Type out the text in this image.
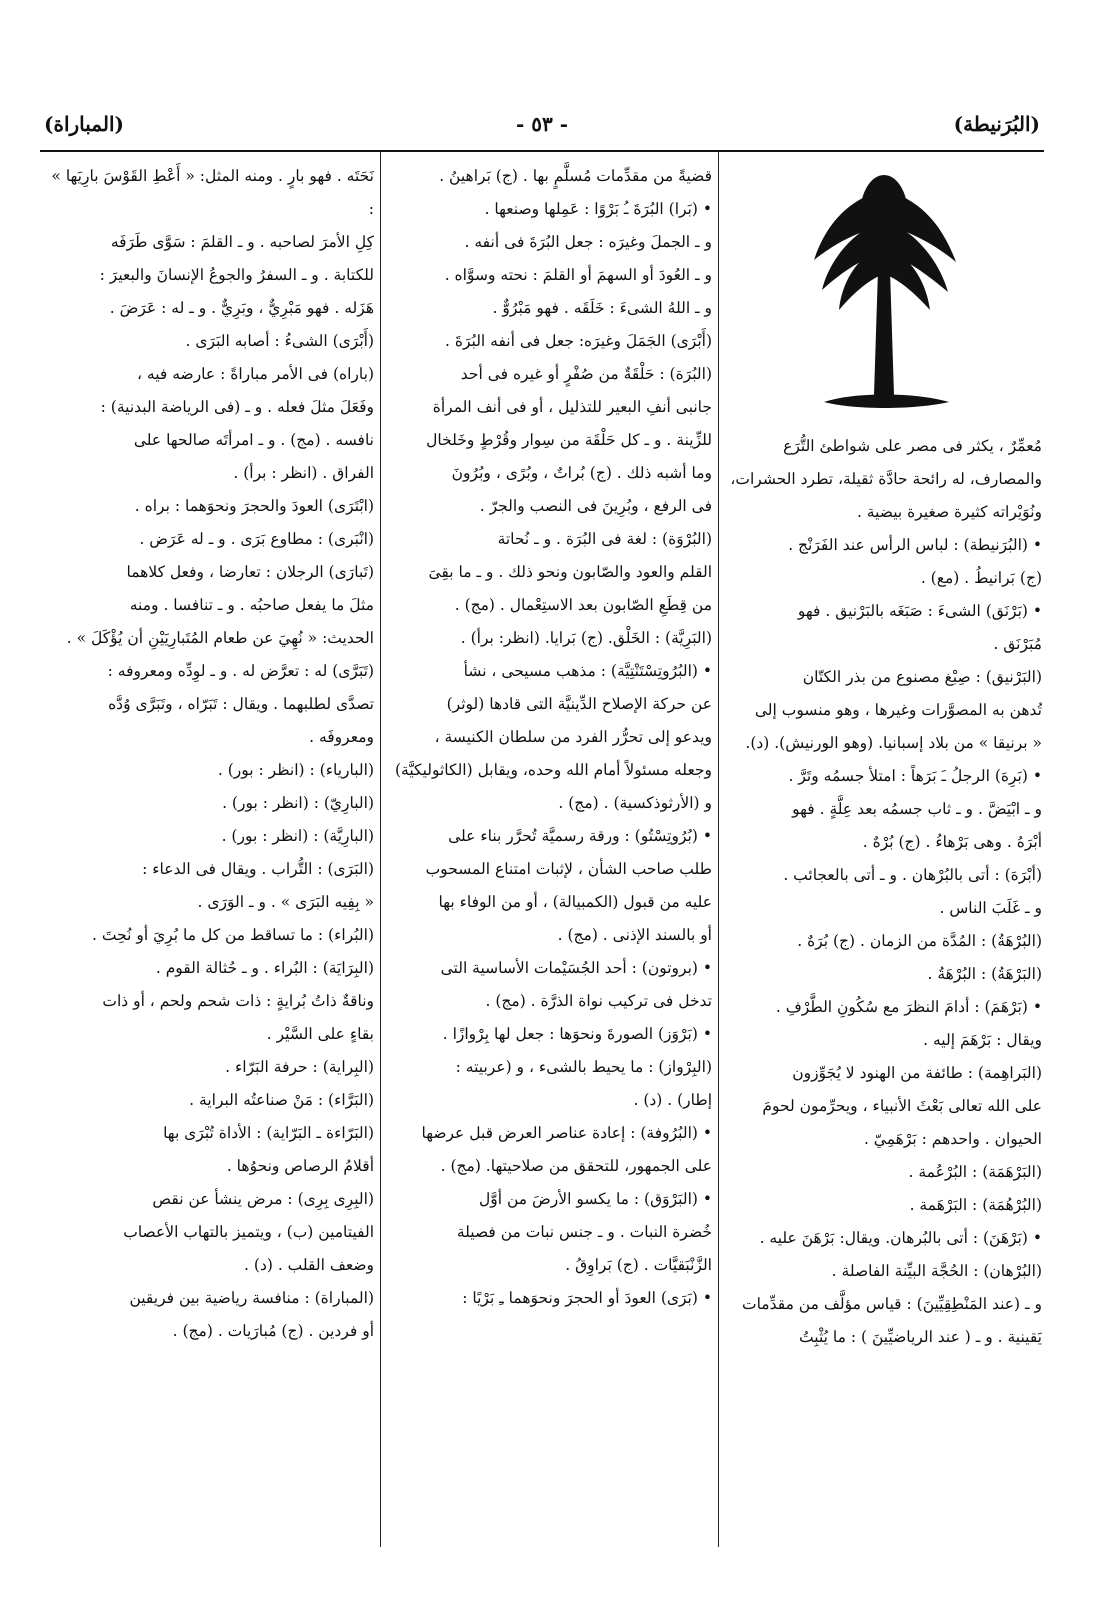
(البُرَنيطة)
- ٥٣ -
(المباراة)

مُعمِّرٌ ، يكثر فى مصر على شواطئ التُّرَع

والمصارف، له رائحة حادَّة ثقيلة، تطرد الحشرات،

ونُوَيْراته كثيرة صغيرة بيضية .

• (البُرَنيطة) : لباس الرأس عند الفَرَنْج .

(ج) بَرانيطُ . (مع) .

• (بَرْنَق) الشىءَ : صَبَغَه بالبَرْنيق . فهو

مُبَرْنَق .

(البَرْنيق) : صِبْغ مصنوع من بذر الكتّان

تُدهن به المصوَّرات وغيرها ، وهو منسوب إلى

« برنيقا » من بلاد إسبانيا. (وهو الورنيش). (د).

• (بَرِهَ) الرجلُ ـَ بَرَهاً : امتلأ جسمُه وتَرَّ .

و ـ ابْيَضَّ . و ـ ثاب جسمُه بعد عِلَّةٍ . فهو

أبْرَهُ . وهى بَرْهاءُ . (ج) بُرْهٌ .

(أبْرَهَ) : أتى بالبُرْهان . و ـ أتى بالعجائب .

و ـ غَلَبَ الناس .

(البُرْهَةُ) : المُدَّة من الزمان . (ج) بُرَهٌ .

(البَرْهَةُ) : البُرْهَةُ .

• (بَرْهَمَ) : أدامَ النظرَ مع سُكُونِ الطَّرْفِ .

ويقال : بَرْهَمَ إليه .

(البَراهِمة) : طائفة من الهنود لا يُجَوِّزون

على الله تعالى بَعْثَ الأنبياء ، ويحرِّمون لحومَ

الحيوان . واحدهم : بَرْهَمِيّ .

(البَرْهَمَة) : البُرْعُمة .

(البُرْهُمَة) : البَرْهَمة .

• (بَرْهَنَ) : أتى بالبُرهان. ويقال: بَرْهَنَ عليه .

(البُرْهان) : الحُجَّة البيِّنة الفاصلة .

و ـ (عند المَنْطِقِيِّينَ) : قياس مؤلَّف من مقدِّمات

يَقينية . و ـ ( عند الرياضيِّينَ ) : ما يُثْبِتُ

قضيةً من مقدِّمات مُسلَّمٍ بها . (ج) بَراهينُ .

• (بَرا) البُرَةَ ـُ بَرْوًا : عَمِلها وصنعها .

و ـ الجملَ وغيرَه : جعل البُرَةَ فى أنفه .

و ـ العُودَ أو السهمَ أو القلمَ : نحته وسوَّاه .

و ـ اللهُ الشىءَ : خَلَقَه . فهو مَبْرُوٌّ .

(أَبْرَى) الجَمَلَ وغيرَه: جعل فى أنفه البُرَةَ .

(البُرَة) : حَلْقَةٌ من صُفْرٍ أو غيره فى أحد

جانبى أنفِ البعير للتذليل ، أو فى أنف المرأة

للزِّينة . و ـ كل حَلْقَة من سِوار وقُرْطٍ وخَلخال

وما أشبه ذلك . (ج) بُراتٌ ، وبُرًى ، وبُرُونَ

فى الرفع ، وبُرِينَ فى النصب والجرّ .

(البُرْوَة) : لغة فى البُرَة . و ـ نُحاتة

القلم والعود والصّابون ونحو ذلك . و ـ ما بقِىَ

من قِطَعِ الصّابون بعد الاستِعْمال . (مج) .

(البَرِيَّة) : الخَلْق. (ج) بَرايا. (انظر: برأ) .

• (البُرُوتِسْتَنْتِيَّة) : مذهب مسيحى ، نشأ

عن حركة الإصلاح الدِّينيَّة التى قادها (لوثر)

ويدعو إلى تحرُّر الفرد من سلطان الكنيسة ،

وجعله مسئولاً أمام الله وحده، ويقابل (الكاثوليكيَّة)

و (الأرثوذكسية) . (مج) .

• (بُرُوتِسْتُو) : ورقة رسميَّة تُحرَّر بناء على

طلب صاحب الشأن ، لإثبات امتناع المسحوب

عليه من قبول (الكمبيالة) ، أو من الوفاء بها

أو بالسند الإذنى . (مج) .

• (بروتون) : أحد الجُسَيْمات الأساسية التى

تدخل فى تركيب نواة الذرَّة . (مج) .

• (بَرْوَز) الصورةَ ونحوَها : جعل لها بِرْوازًا .

(البِرْواز) : ما يحيط بالشىء ، و (عربيته :

إطار) . (د) .

• (البُرُوفة) : إعادة عناصر العرض قبل عرضها

على الجمهور، للتحقق من صلاحيتها. (مج) .

• (البَرْوَق) : ما يكسو الأرضَ من أوَّل

خُضرة النبات . و ـ جنس نبات من فصيلة

الزَّنْبَقيَّات . (ج) بَراوِقُ .

• (بَرَى) العودَ أو الحجرَ ونحوَهما ـِ بَرْيًا :

نَحَتَه . فهو بارٍ . ومنه المثل: « أَعْطِ القَوْسَ بارِيَها » :

كِلِ الأمرَ لصاحبه . و ـ القلمَ : سَوَّى طَرَفَه

للكتابة . و ـ السفرُ والجوعُ الإنسانَ والبعيرَ :

هَزَله . فهو مَبْرِيٌّ ، وبَرِيٌّ . و ـ له : عَرَضَ .

(أَبْرَى) الشىءُ : أصابه البَرَى .

(باراه) فى الأمر مباراةً : عارضه فيه ،

وفَعَلَ مثلَ فعله . و ـ (فى الرياضة البدنية) :

نافسه . (مج) . و ـ امرأتَه صالحها على

الفراق . (انظر : برأ) .

(ابْتَرَى) العودَ والحجرَ ونحوَهما : براه .

(انْبَرى) : مطاوع بَرَى . و ـ له عَرَض .

(تَبارَى) الرجلان : تعارضا ، وفعل كلاهما

مثلَ ما يفعل صاحبُه . و ـ تنافسا . ومنه

الحديث: « نُهِيَ عن طعام المُتَبارِيَيْنِ أن يُؤْكَلَ » .

(تَبَرَّى) له : تعرَّض له . و ـ لوِدِّه ومعروفه :

تصدَّى لطلبهما . ويقال : تَبَرّاه ، وتَبَرَّى وُدَّه

ومعروفَه .

(البارياء) : (انظر : بور) .

(البارِيّ) : (انظر : بور) .

(البارِيَّة) : (انظر : بور) .

(البَرَى) : التُّراب . ويقال فى الدعاء :

« بِفِيه البَرَى » . و ـ الوَرَى .

(البُراء) : ما تساقط من كل ما بُرِيَ أو نُحِتَ .

(البِرَايَة) : البُراء . و ـ حُثالة القوم .

وناقةٌ ذاتُ بُرايةٍ : ذات شحم ولحم ، أو ذات

بقاءٍ على السَّيْر .

(البِراية) : حرفة البَرّاء .

(البَرَّاء) : مَنْ صناعتُه البراية .

(البَرّاءة ـ البَرّاية) : الأداة تُبْرَى بها

أقلامُ الرصاص ونحوُها .

(البِرِى بِرِى) : مرض ينشأ عن نقص

الفيتامين (ب) ، ويتميز بالتهاب الأعصاب

وضعف القلب . (د) .

(المباراة) : منافسة رياضية بين فريقين

أو فردين . (ج) مُبارَيات . (مج) .
